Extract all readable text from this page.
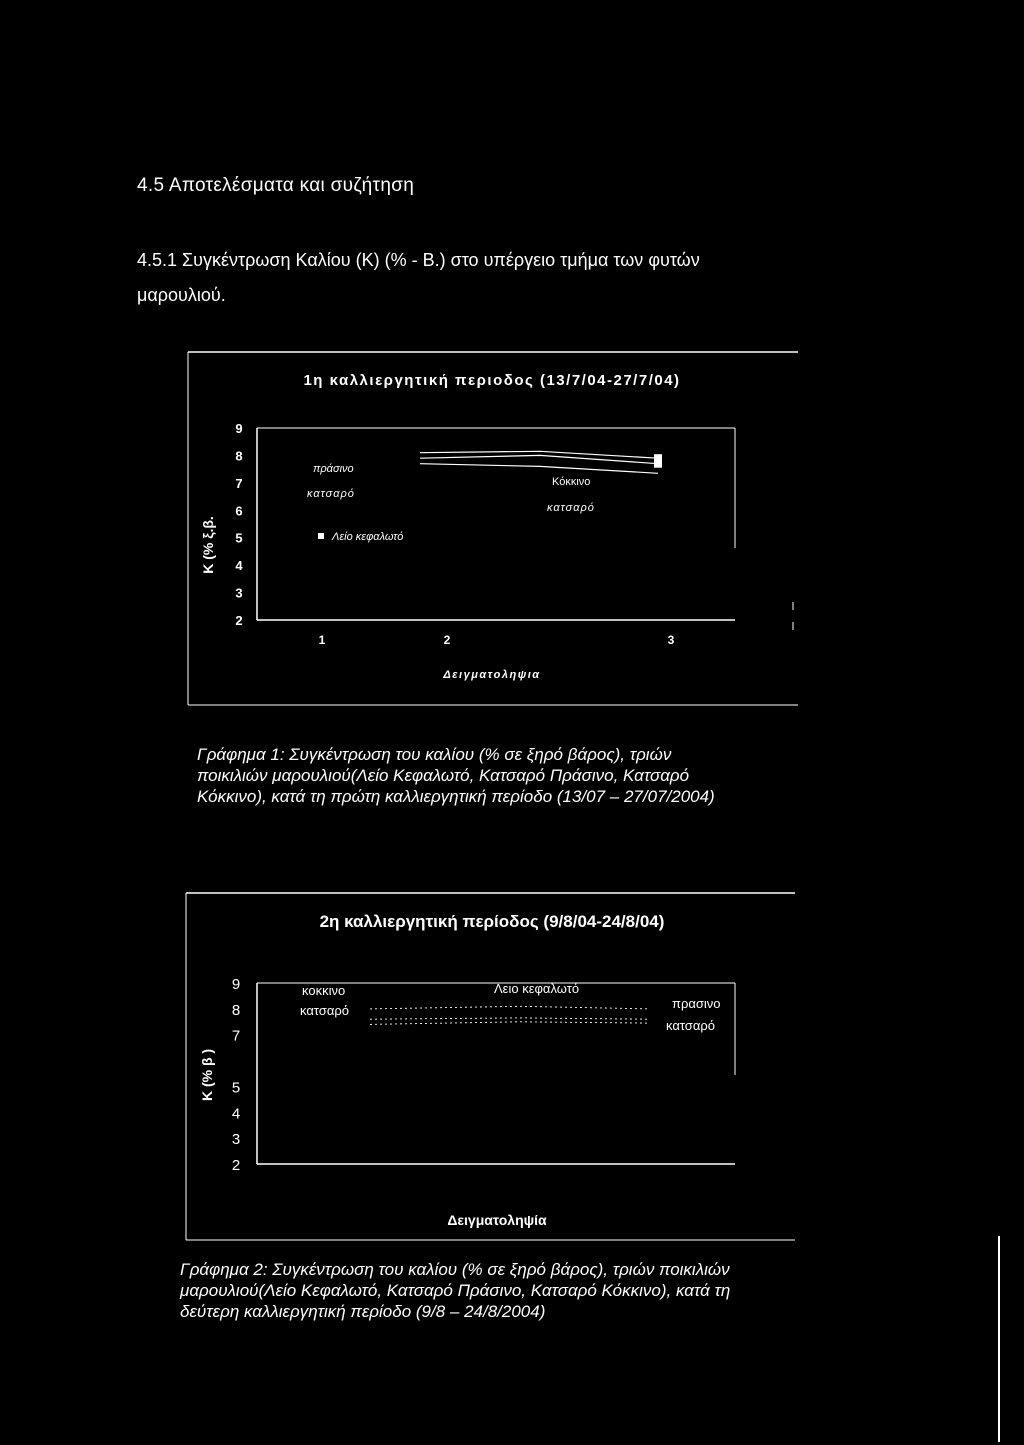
4.5 Αποτελέσματα και συζήτηση
4.5.1 Συγκέντρωση Καλίου (Κ) (% - Β.) στο υπέργειο τμήμα των φυτών
μαρουλιού.
1η καλλιεργητική περιοδος (13/7/04-27/7/04)
Κ (% ξ.β.
2
3
4
5
6
7
8
9
1	2	3
πράσινο
κατσαρό
Κόκκινο
κατσαρό
Λείο κεφαλωτό
Δειγματοληψια
Γράφημα 1: Συγκέντρωση του καλίου (% σε ξηρό βάρος), τριών
ποικιλιών μαρουλιού(Λείο Κεφαλωτό, Κατσαρό Πράσινο, Κατσαρό
Κόκκινο), κατά τη πρώτη καλλιεργητική περίοδο (13/07 – 27/07/2004)
2η καλλιεργητική περίοδος (9/8/04-24/8/04)
Κ (% β )
2
3
4
5
7
8
9	κοκκινο
κατσαρό
Λειο κεφαλωτό
πρασινο
κατσαρό
Δειγματοληψία
Γράφημα 2: Συγκέντρωση του καλίου (% σε ξηρό βάρος), τριών ποικιλιών
μαρουλιού(Λείο Κεφαλωτό, Κατσαρό Πράσινο, Κατσαρό Κόκκινο), κατά τη
δεύτερη καλλιεργητική περίοδο (9/8 – 24/8/2004)
